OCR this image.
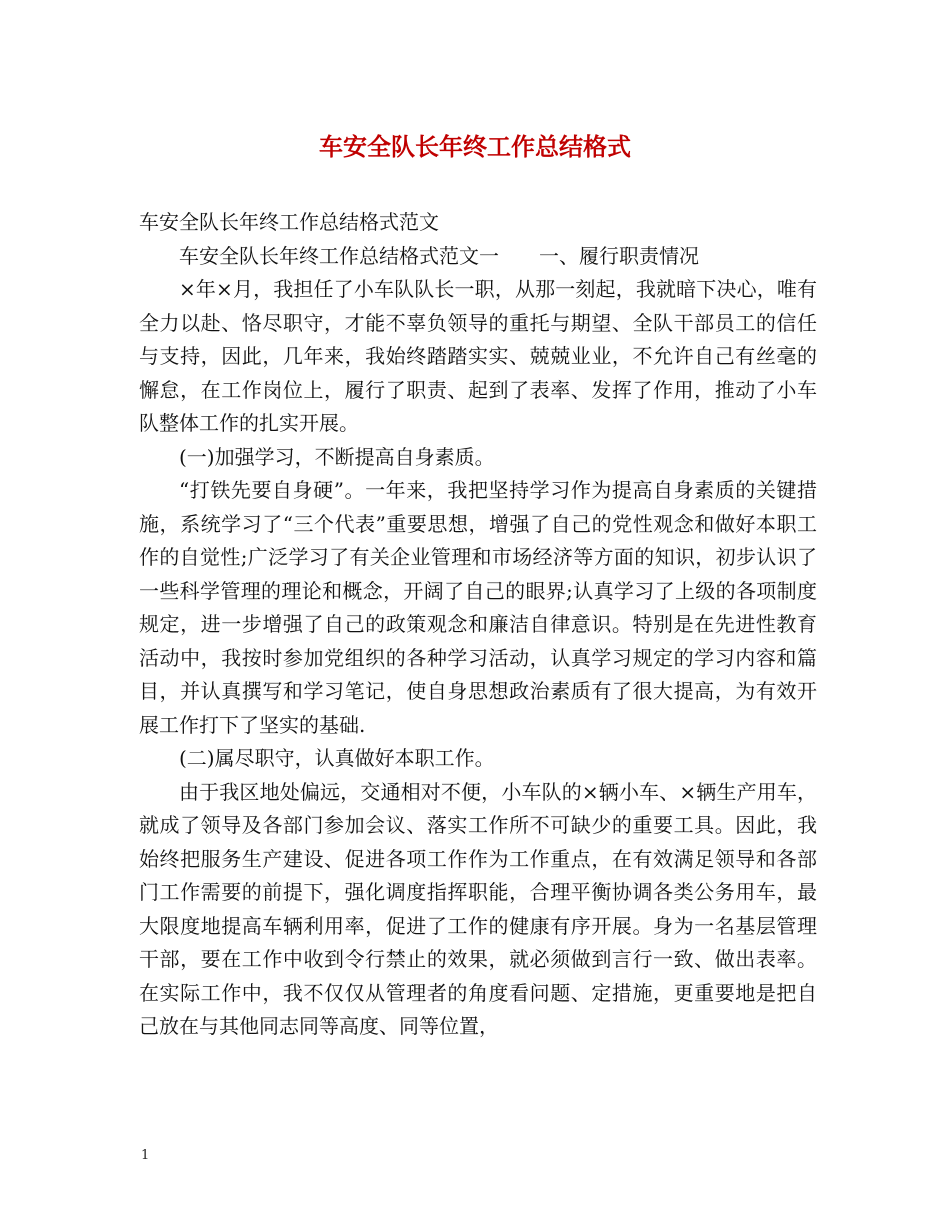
车安全队长年终工作总结格式

车安全队长年终工作总结格式范文

车安全队长年终工作总结格式范文一　　一、履行职责情况

×年×月，我担任了小车队队长一职，从那一刻起，我就暗下决心，唯有全力以赴、恪尽职守，才能不辜负领导的重托与期望、全队干部员工的信任与支持，因此，几年来，我始终踏踏实实、兢兢业业，不允许自己有丝毫的懈怠，在工作岗位上，履行了职责、起到了表率、发挥了作用，推动了小车队整体工作的扎实开展。

(一)加强学习，不断提高自身素质。

“打铁先要自身硬”。一年来，我把坚持学习作为提高自身素质的关键措施，系统学习了“三个代表”重要思想，增强了自己的党性观念和做好本职工作的自觉性;广泛学习了有关企业管理和市场经济等方面的知识，初步认识了一些科学管理的理论和概念，开阔了自己的眼界;认真学习了上级的各项制度规定，进一步增强了自己的政策观念和廉洁自律意识。特别是在先进性教育活动中，我按时参加党组织的各种学习活动，认真学习规定的学习内容和篇目，并认真撰写和学习笔记，使自身思想政治素质有了很大提高，为有效开展工作打下了坚实的基础.

(二)属尽职守，认真做好本职工作。

由于我区地处偏远，交通相对不便，小车队的×辆小车、×辆生产用车，就成了领导及各部门参加会议、落实工作所不可缺少的重要工具。因此，我始终把服务生产建设、促进各项工作作为工作重点，在有效满足领导和各部门工作需要的前提下，强化调度指挥职能，合理平衡协调各类公务用车，最大限度地提高车辆利用率，促进了工作的健康有序开展。身为一名基层管理干部，要在工作中收到令行禁止的效果，就必须做到言行一致、做出表率。在实际工作中，我不仅仅从管理者的角度看问题、定措施，更重要地是把自己放在与其他同志同等高度、同等位置，

1
